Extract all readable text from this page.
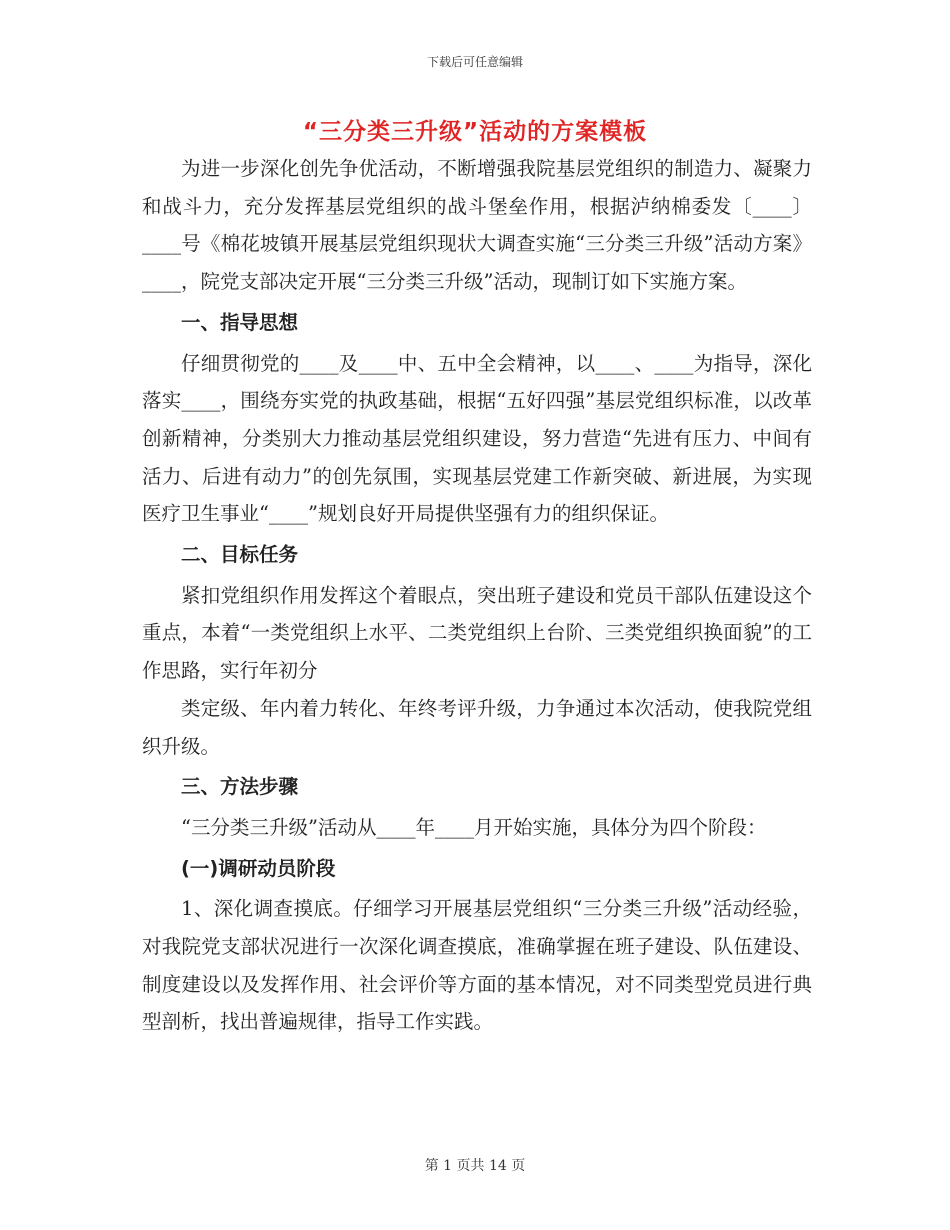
下载后可任意编辑
“三分类三升级”活动的方案模板

为进一步深化创先争优活动，不断增强我院基层党组织的制造力、凝聚力和战斗力，充分发挥基层党组织的战斗堡垒作用，根据泸纳棉委发〔____〕____号《棉花坡镇开展基层党组织现状大调查实施“三分类三升级”活动方案》____，院党支部决定开展“三分类三升级”活动，现制订如下实施方案。

一、指导思想

仔细贯彻党的____及____中、五中全会精神，以____、____为指导，深化落实____，围绕夯实党的执政基础，根据“五好四强”基层党组织标准，以改革创新精神，分类别大力推动基层党组织建设，努力营造“先进有压力、中间有活力、后进有动力”的创先氛围，实现基层党建工作新突破、新进展，为实现医疗卫生事业“____”规划良好开局提供坚强有力的组织保证。

二、目标任务

紧扣党组织作用发挥这个着眼点，突出班子建设和党员干部队伍建设这个重点，本着“一类党组织上水平、二类党组织上台阶、三类党组织换面貌”的工作思路，实行年初分

类定级、年内着力转化、年终考评升级，力争通过本次活动，使我院党组织升级。

三、方法步骤

“三分类三升级”活动从____年____月开始实施，具体分为四个阶段：

(一)调研动员阶段

1、深化调查摸底。仔细学习开展基层党组织“三分类三升级”活动经验，对我院党支部状况进行一次深化调查摸底，准确掌握在班子建设、队伍建设、制度建设以及发挥作用、社会评价等方面的基本情况，对不同类型党员进行典型剖析，找出普遍规律，指导工作实践。

第 1 页共 14 页
